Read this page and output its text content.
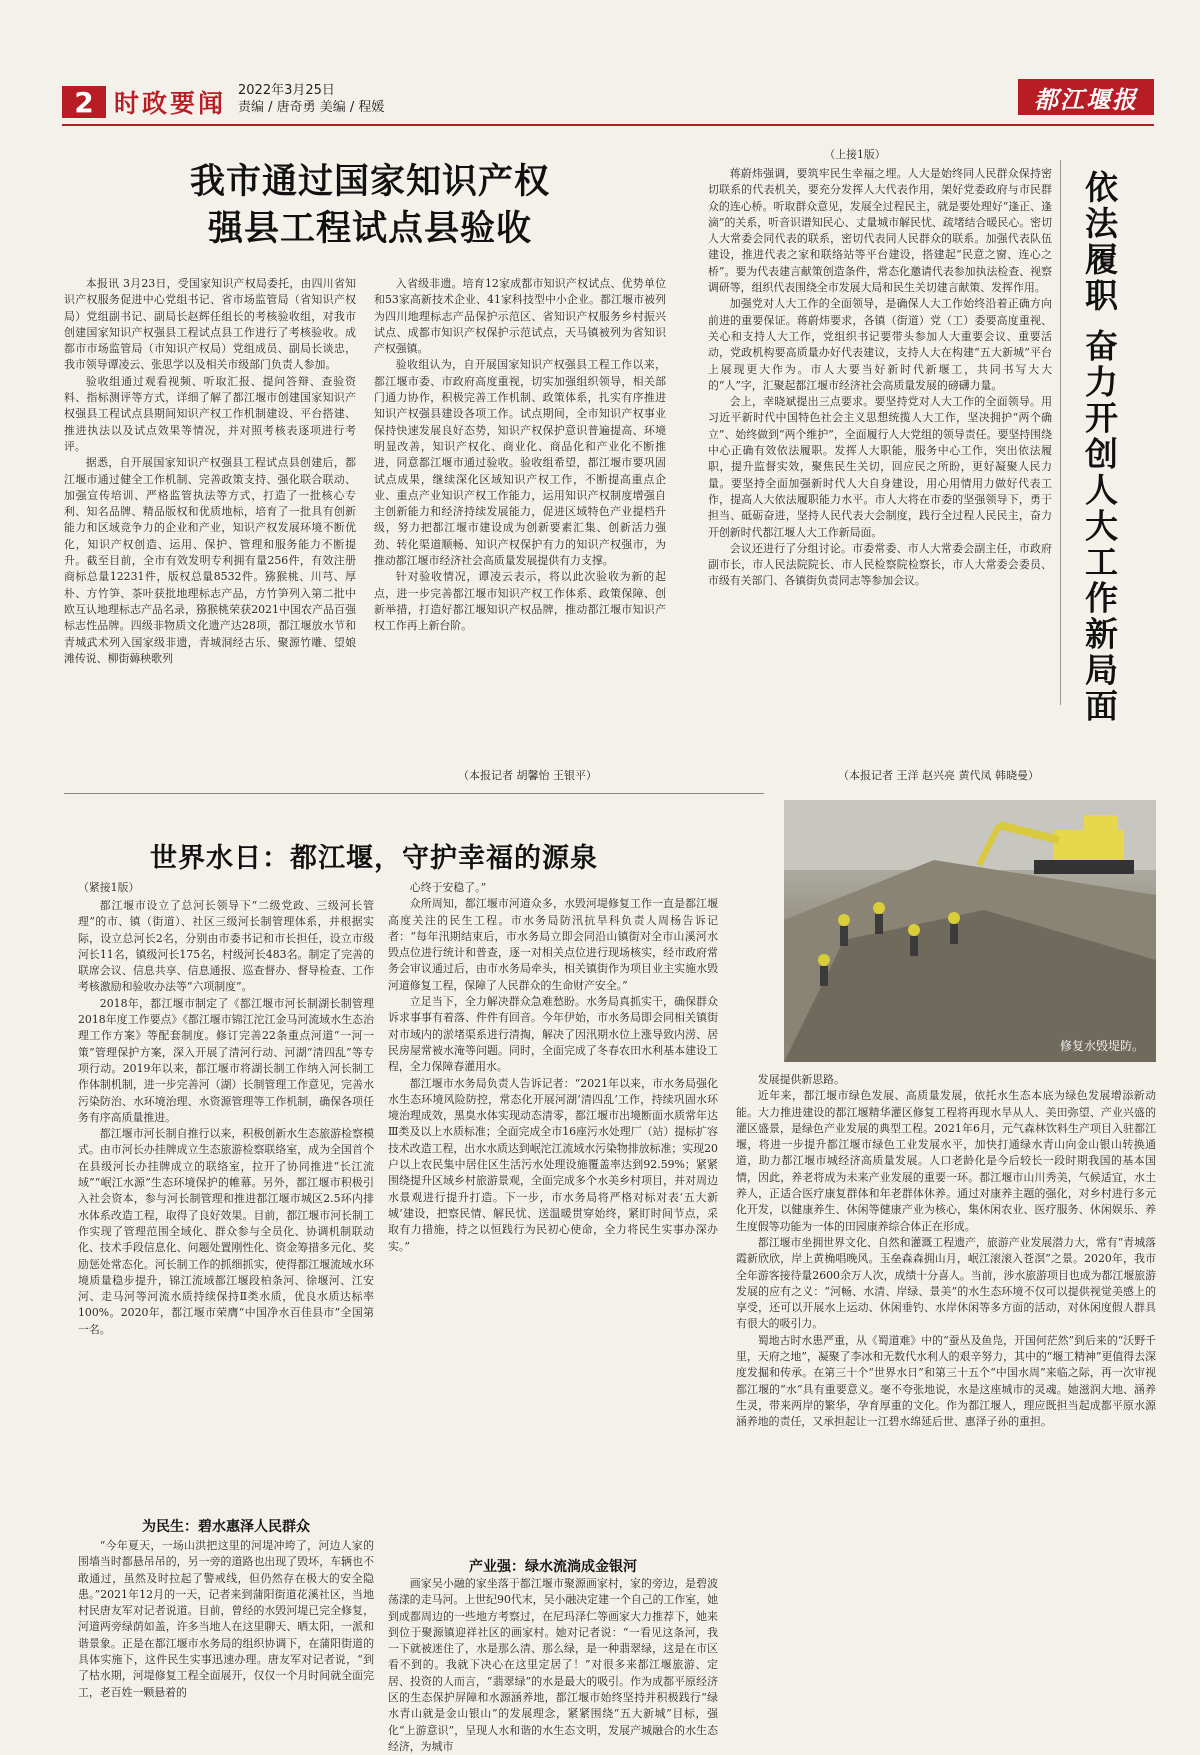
2 时政要闻 2022年3月25日
责编 / 唐奇勇 美编 / 程媛	都江堰报
我市通过国家知识产权
强县工程试点县验收

本报讯 3月23日，受国家知识产权局委托，由四川省知识产权服务促进中心党组书记、省市场监管局（省知识产权局）党组副书记、副局长赵辉任组长的考核验收组，对我市创建国家知识产权强县工程试点县工作进行了考核验收。成都市市场监管局（市知识产权局）党组成员、副局长谈忠，我市领导谭凌云、张思学以及相关市级部门负责人参加。

验收组通过观看视频、听取汇报、提问答辩、查验资料、指标测评等方式，详细了解了都江堰市创建国家知识产权强县工程试点县期间知识产权工作机制建设、平台搭建、推进执法以及试点效果等情况，并对照考核表逐项进行考评。

据悉，自开展国家知识产权强县工程试点县创建后，都江堰市通过健全工作机制、完善政策支持、强化联合联动、加强宣传培训、严格监管执法等方式，打造了一批核心专利、知名品牌、精品版权和优质地标，培育了一批具有创新能力和区域竞争力的企业和产业，知识产权发展环境不断优化，知识产权创造、运用、保护、管理和服务能力不断提升。截至目前，全市有效发明专利拥有量256件，有效注册商标总量12231件，版权总量8532件。猕猴桃、川芎、厚朴、方竹笋、茶叶获批地理标志产品，方竹笋列入第二批中欧互认地理标志产品名录，猕猴桃荣获2021中国农产品百强标志性品牌。四级非物质文化遗产达28项，都江堰放水节和青城武术列入国家级非遗，青城洞经古乐、聚源竹雕、望娘滩传说、柳街薅秧歌列

入省级非遗。培育12家成都市知识产权试点、优势单位和53家高新技术企业、41家科技型中小企业。都江堰市被列为四川地理标志产品保护示范区、省知识产权服务乡村振兴试点、成都市知识产权保护示范试点，天马镇被列为省知识产权强镇。

验收组认为，自开展国家知识产权强县工程工作以来，都江堰市委、市政府高度重视，切实加强组织领导，相关部门通力协作，积极完善工作机制、政策体系，扎实有序推进知识产权强县建设各项工作。试点期间，全市知识产权事业保持快速发展良好态势，知识产权保护意识普遍提高、环境明显改善，知识产权化、商业化、商品化和产业化不断推进，同意都江堰市通过验收。验收组希望，都江堰市要巩固试点成果，继续深化区域知识产权工作，不断提高重点企业、重点产业知识产权工作能力，运用知识产权制度增强自主创新能力和经济持续发展能力，促进区域特色产业提档升级，努力把都江堰市建设成为创新要素汇集、创新活力强劲、转化渠道顺畅、知识产权保护有力的知识产权强市，为推动都江堰市经济社会高质量发展提供有力支撑。

针对验收情况，谭凌云表示，将以此次验收为新的起点，进一步完善都江堰市知识产权工作体系、政策保障、创新举措，打造好都江堰知识产权品牌，推动都江堰市知识产权工作再上新台阶。

（本报记者 胡馨怡 王银平）
（上接1版）

蒋蔚炜强调，要筑牢民生幸福之埋。人大是始终同人民群众保持密切联系的代表机关，要充分发挥人大代表作用，架好党委政府与市民群众的连心桥。听取群众意见，发展全过程民主，就是要处理好“逢正、逢滴”的关系，听音识谱知民心、丈量城市解民忧、疏堵结合暖民心。密切人大常委会同代表的联系，密切代表同人民群众的联系。加强代表队伍建设，推进代表之家和联络站等平台建设，搭建起“民意之窗、连心之桥”。要为代表建言献策创造条件，常态化邀请代表参加执法检查、视察调研等，组织代表围绕全市发展大局和民生关切建言献策、发挥作用。

加强党对人大工作的全面领导，是确保人大工作始终沿着正确方向前进的重要保证。蒋蔚炜要求，各镇（街道）党（工）委要高度重视、关心和支持人大工作，党组织书记要带头参加人大重要会议、重要活动，党政机构要高质量办好代表建议，支持人大在构建“五大新城”平台上展现更大作为。市人大要当好新时代新堰工，共同书写大大的“人”字，汇聚起都江堰市经济社会高质量发展的磅礴力量。

会上，幸晓斌提出三点要求。要坚持党对人大工作的全面领导。用习近平新时代中国特色社会主义思想统揽人大工作，坚决拥护“两个确立”、始终做到“两个维护”，全面履行人大党组的领导责任。要坚持围绕中心正确有效依法履职。发挥人大职能，服务中心工作，突出依法履职，提升监督实效，聚焦民生关切，回应民之所盼，更好凝聚人民力量。要坚持全面加强新时代人大自身建设，用心用情用力做好代表工作，提高人大依法履职能力水平。市人大将在市委的坚强领导下，勇于担当、砥砺奋进，坚持人民代表大会制度，践行全过程人民民主，奋力开创新时代都江堰人大工作新局面。

会议还进行了分组讨论。市委常委、市人大常委会副主任，市政府副市长，市人民法院院长、市人民检察院检察长，市人大常委会委员、市级有关部门、各镇街负责同志等参加会议。	依法履职 奋力开创人大工作新局面
（本报记者 王洋 赵兴亮 黄代凤 韩晓曼）
世界水日：都江堰，守护幸福的源泉
修复水毁堤防。
（紧接1版）

都江堰市设立了总河长领导下“二级党政、三级河长管理”的市、镇（街道）、社区三级河长制管理体系，并根据实际，设立总河长2名，分别由市委书记和市长担任，设立市级河长11名，镇级河长175名，村级河长483名。制定了完善的联席会议、信息共享、信息通报、巡查督办、督导检查、工作考核激励和验收办法等“六项制度”。

2018年，都江堰市制定了《都江堰市河长制湖长制管理2018年度工作要点》《都江堰市锦江沱江金马河流域水生态治理工作方案》等配套制度。修订完善22条重点河道“一河一策”管理保护方案，深入开展了清河行动、河湖“清四乱”等专项行动。2019年以来，都江堰市将湖长制工作纳入河长制工作体制机制，进一步完善河（湖）长制管理工作意见，完善水污染防治、水环境治理、水资源管理等工作机制，确保各项任务有序高质量推进。

都江堰市河长制自推行以来，积极创新水生态旅游检察模式。由市河长办挂牌成立生态旅游检察联络室，成为全国首个在县级河长办挂牌成立的联络室，拉开了协同推进“长江流域”“岷江水源”生态环境保护的帷幕。另外，都江堰市积极引入社会资本，参与河长制管理和推进都江堰市城区2.5环内排水体系改造工程，取得了良好效果。目前，都江堰市河长制工作实现了管理范围全域化、群众参与全员化、协调机制联动化、技术手段信息化、问题处置刚性化、资金筹措多元化、奖励惩处常态化。河长制工作的抓细抓实，使得都江堰流域水环境质量稳步提升，锦江流域都江堰段柏条河、徐堰河、江安河、走马河等河流水质持续保持Ⅱ类水质，优良水质达标率100%。2020年，都江堰市荣膺“中国净水百佳县市”全国第一名。

为民生：碧水惠泽人民群众

“今年夏天，一场山洪把这里的河堤冲垮了，河边人家的围墙当时都悬吊吊的，另一旁的道路也出现了毁坏，车辆也不敢通过，虽然及时拉起了警戒线，但仍然存在极大的安全隐患。”2021年12月的一天，记者来到蒲阳街道花溪社区，当地村民唐友军对记者说道。目前，曾经的水毁河堤已完全修复，河道两旁绿荫如盖，许多当地人在这里聊天、晒太阳，一派和谐景象。正是在都江堰市水务局的组织协调下，在蒲阳街道的具体实施下，这件民生实事迅速办理。唐友军对记者说，“到了枯水期，河堤修复工程全面展开，仅仅一个月时间就全面完工，老百姓一颗悬着的

心终于安稳了。”

众所周知，都江堰市河道众多，水毁河堤修复工作一直是都江堰高度关注的民生工程。市水务局防汛抗旱科负责人周杨告诉记者：“每年汛期结束后，市水务局立即会同沿山镇街对全市山溪河水毁点位进行统计和普查，逐一对相关点位进行现场核实，经市政府常务会审议通过后，由市水务局牵头，相关镇街作为项目业主实施水毁河道修复工程，保障了人民群众的生命财产安全。”

立足当下，全力解决群众急难愁盼。水务局真抓实干，确保群众诉求事事有着落、件件有回音。今年伊始，市水务局即会同相关镇街对市域内的淤堵渠系进行清掏，解决了因汛期水位上涨导致内涝、居民房屋常被水淹等问题。同时，全面完成了冬春农田水利基本建设工程，全力保障春灌用水。

都江堰市水务局负责人告诉记者：“2021年以来，市水务局强化水生态环境风险防控，常态化开展河湖‘清四乱’工作，持续巩固水环境治理成效，黑臭水体实现动态清零，都江堰市出境断面水质常年达Ⅲ类及以上水质标准；全面完成全市16座污水处理厂（站）提标扩容技术改造工程，出水水质达到岷沱江流域水污染物排放标准；实现20户以上农民集中居住区生活污水处理设施覆盖率达到92.59%；紧紧围绕提升区域乡村旅游景观，全面完成多个水美乡村项目，并对周边水景观进行提升打造。下一步，市水务局将严格对标对表‘五大新城’建设，把察民情、解民忧、送温暖贯穿始终，紧盯时间节点，采取有力措施，持之以恒践行为民初心使命，全力将民生实事办深办实。”

产业强：绿水流淌成金银河

画家吴小融的家坐落于都江堰市聚源画家村，家的旁边，是碧波荡漾的走马河。上世纪90代末，吴小融决定建一个自己的工作室，她到成都周边的一些地方考察过，在尼玛泽仁等画家大力推荐下，她来到位于聚源镇迎祥社区的画家村。她对记者说：“一看见这条河，我一下就被迷住了，水是那么清、那么绿，是一种翡翠绿，这是在市区看不到的。我就下决心在这里定居了！”对很多来都江堰旅游、定居、投资的人而言，“翡翠绿”的水是最大的吸引。作为成都平原经济区的生态保护屏障和水源涵养地，都江堰市始终坚持并积极践行“绿水青山就是金山银山”的发展理念，紧紧围绕“五大新城”目标，强化“上游意识”，呈现人水和谐的水生态文明，发展产城融合的水生态经济，为城市

发展提供新思路。

近年来，都江堰市绿色发展、高质量发展，依托水生态本底为绿色发展增添新动能。大力推进建设的都江堰精华灌区修复工程将再现水旱从人、美田弥望、产业兴盛的灌区盛景，是绿色产业发展的典型工程。2021年6月，元气森林饮料生产项目入驻都江堰，将进一步提升都江堰市绿色工业发展水平，加快打通绿水青山向金山银山转换通道，助力都江堰市城经济高质量发展。人口老龄化是今后较长一段时期我国的基本国情，因此，养老将成为未来产业发展的重要一环。都江堰市山川秀美，气候适宜，水土养人，正适合医疗康复群体和年老群体休养。通过对康养主题的强化，对乡村进行多元化开发，以健康养生、休闲等健康产业为核心，集休闲农业、医疗服务、休闲娱乐、养生度假等功能为一体的田园康养综合体正在形成。

都江堰市坐拥世界文化、自然和灌溉工程遗产，旅游产业发展潜力大，常有“青城落霞新欣欣，岸上黄桷唱晚风。玉垒森森拥山月，岷江滚滚入苍溟”之景。2020年，我市全年游客接待量2600余万人次，成绩十分喜人。当前，涉水旅游项目也成为都江堰旅游发展的应有之义：“河畅、水清、岸绿、景美”的水生态环境不仅可以提供视觉美感上的享受，还可以开展水上运动、休闲垂钓、水岸休闲等多方面的活动，对休闲度假人群具有很大的吸引力。

蜀地古时水患严重，从《蜀道难》中的“蚕丛及鱼凫，开国何茫然”到后来的“沃野千里，天府之地”，凝聚了李冰和无数代水利人的艰辛努力，其中的“堰工精神”更值得去深度发掘和传承。在第三十个“世界水日”和第三十五个“中国水周”来临之际，再一次审视都江堰的“水”具有重要意义。毫不夸张地说，水是这座城市的灵魂。她滋润大地、涵养生灵，带来两岸的繁华，孕育厚重的文化。作为都江堰人，理应既担当起成都平原水源涵养地的责任，又承担起让一江碧水绵延后世、惠泽子孙的重担。
